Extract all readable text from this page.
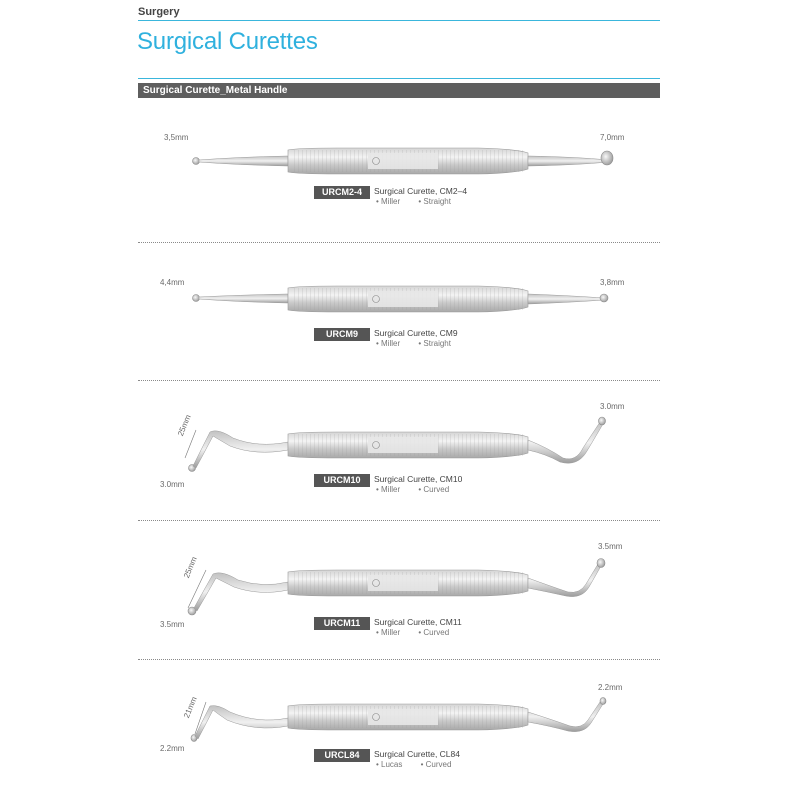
Surgery
Surgical Curettes
Surgical Curette_Metal Handle
3,5mm	7,0mm
URCM2-4	Surgical Curette, CM2–4
• Miller • Straight
4,4mm	3,8mm
URCM9	Surgical Curette, CM9
• Miller • Straight
25mm
3.0mm
3.0mm
URCM10	Surgical Curette, CM10
• Miller • Curved
25mm
3.5mm
3.5mm
URCM11	Surgical Curette, CM11
• Miller • Curved
21mm
2.2mm
2.2mm
URCL84	Surgical Curette, CL84
• Lucas • Curved
